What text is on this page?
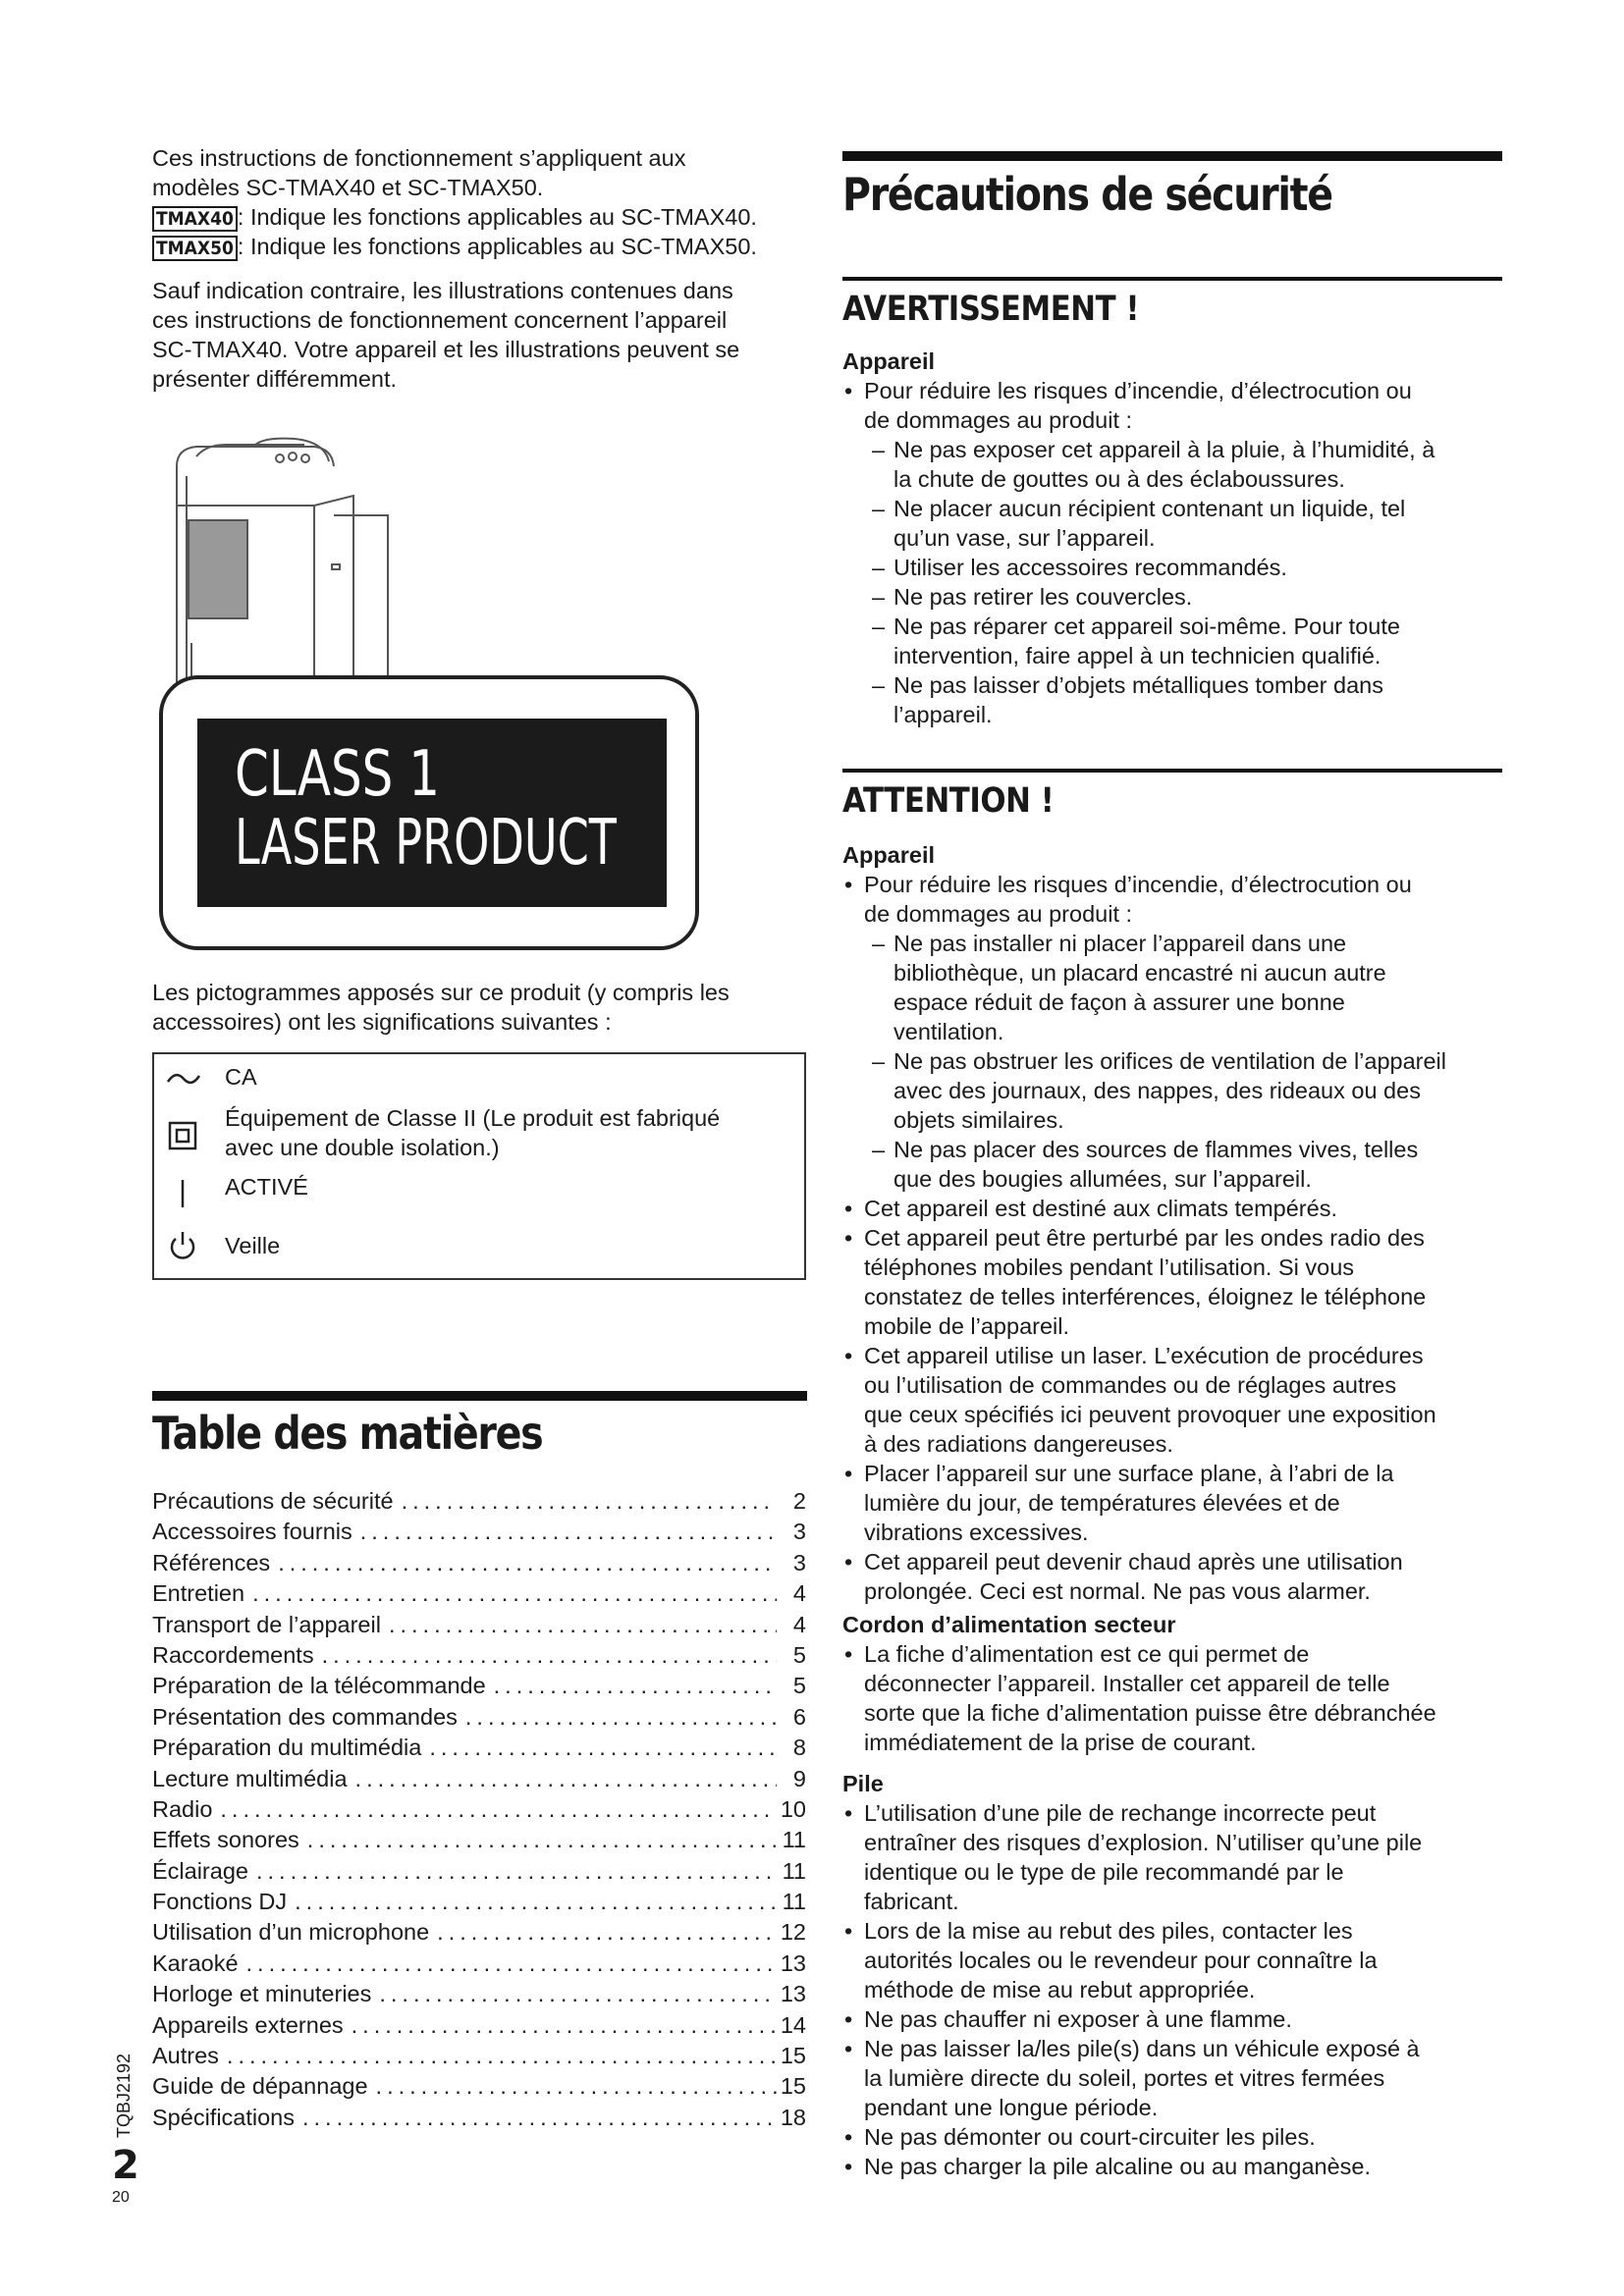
Ces instructions de fonctionnement s’appliquent aux

modèles SC-TMAX40 et SC-TMAX50.

TMAX40 : Indique les fonctions applicables au SC-TMAX40.

TMAX50 : Indique les fonctions applicables au SC-TMAX50.

Sauf indication contraire, les illustrations contenues dans

ces instructions de fonctionnement concernent l’appareil

SC-TMAX40. Votre appareil et les illustrations peuvent se

présenter différemment.

CLASS 1
LASER PRODUCT

Les pictogrammes apposés sur ce produit (y compris les

accessoires) ont les significations suivantes :

CA
Équipement de Classe II (Le produit est fabriqué
avec une double isolation.)
ACTIVÉ
Veille
Table des matières
Précautions de sécurité .....	2
Accessoires fournis .....	3
Références .....	3
Entretien .....	4
Transport de l’appareil .....	4
Raccordements .....	5
Préparation de la télécommande .....	5
Présentation des commandes .....	6
Préparation du multimédia .....	8
Lecture multimédia .....	9
Radio .....	10
Effets sonores .....	11
Éclairage .....	11
Fonctions DJ .....	11
Utilisation d’un microphone .....	12
Karaoké .....	13
Horloge et minuteries .....	13
Appareils externes .....	14
Autres .....	15
Guide de dépannage .....	15
Spécifications .....	18
Précautions de sécurité
AVERTISSEMENT !
Appareil
• Pour réduire les risques d’incendie, d’électrocution ou
de dommages au produit :
– Ne pas exposer cet appareil à la pluie, à l’humidité, à
la chute de gouttes ou à des éclaboussures.
– Ne placer aucun récipient contenant un liquide, tel
qu’un vase, sur l’appareil.
– Utiliser les accessoires recommandés.
– Ne pas retirer les couvercles.
– Ne pas réparer cet appareil soi-même. Pour toute
intervention, faire appel à un technicien qualifié.
– Ne pas laisser d’objets métalliques tomber dans
l’appareil.
ATTENTION !
Appareil
• Pour réduire les risques d’incendie, d’électrocution ou
de dommages au produit :
– Ne pas installer ni placer l’appareil dans une
bibliothèque, un placard encastré ni aucun autre
espace réduit de façon à assurer une bonne
ventilation.
– Ne pas obstruer les orifices de ventilation de l’appareil
avec des journaux, des nappes, des rideaux ou des
objets similaires.
– Ne pas placer des sources de flammes vives, telles
que des bougies allumées, sur l’appareil.
• Cet appareil est destiné aux climats tempérés.
• Cet appareil peut être perturbé par les ondes radio des
téléphones mobiles pendant l’utilisation. Si vous
constatez de telles interférences, éloignez le téléphone
mobile de l’appareil.
• Cet appareil utilise un laser. L’exécution de procédures
ou l’utilisation de commandes ou de réglages autres
que ceux spécifiés ici peuvent provoquer une exposition
à des radiations dangereuses.
• Placer l’appareil sur une surface plane, à l’abri de la
lumière du jour, de températures élevées et de
vibrations excessives.
• Cet appareil peut devenir chaud après une utilisation
prolongée. Ceci est normal. Ne pas vous alarmer.
Cordon d’alimentation secteur
• La fiche d’alimentation est ce qui permet de
déconnecter l’appareil. Installer cet appareil de telle
sorte que la fiche d’alimentation puisse être débranchée
immédiatement de la prise de courant.
Pile
• L’utilisation d’une pile de rechange incorrecte peut
entraîner des risques d’explosion. N’utiliser qu’une pile
identique ou le type de pile recommandé par le
fabricant.
• Lors de la mise au rebut des piles, contacter les
autorités locales ou le revendeur pour connaître la
méthode de mise au rebut appropriée.
• Ne pas chauffer ni exposer à une flamme.
• Ne pas laisser la/les pile(s) dans un véhicule exposé à
la lumière directe du soleil, portes et vitres fermées
pendant une longue période.
• Ne pas démonter ou court-circuiter les piles.
• Ne pas charger la pile alcaline ou au manganèse.
TQBJ2192
2
20
